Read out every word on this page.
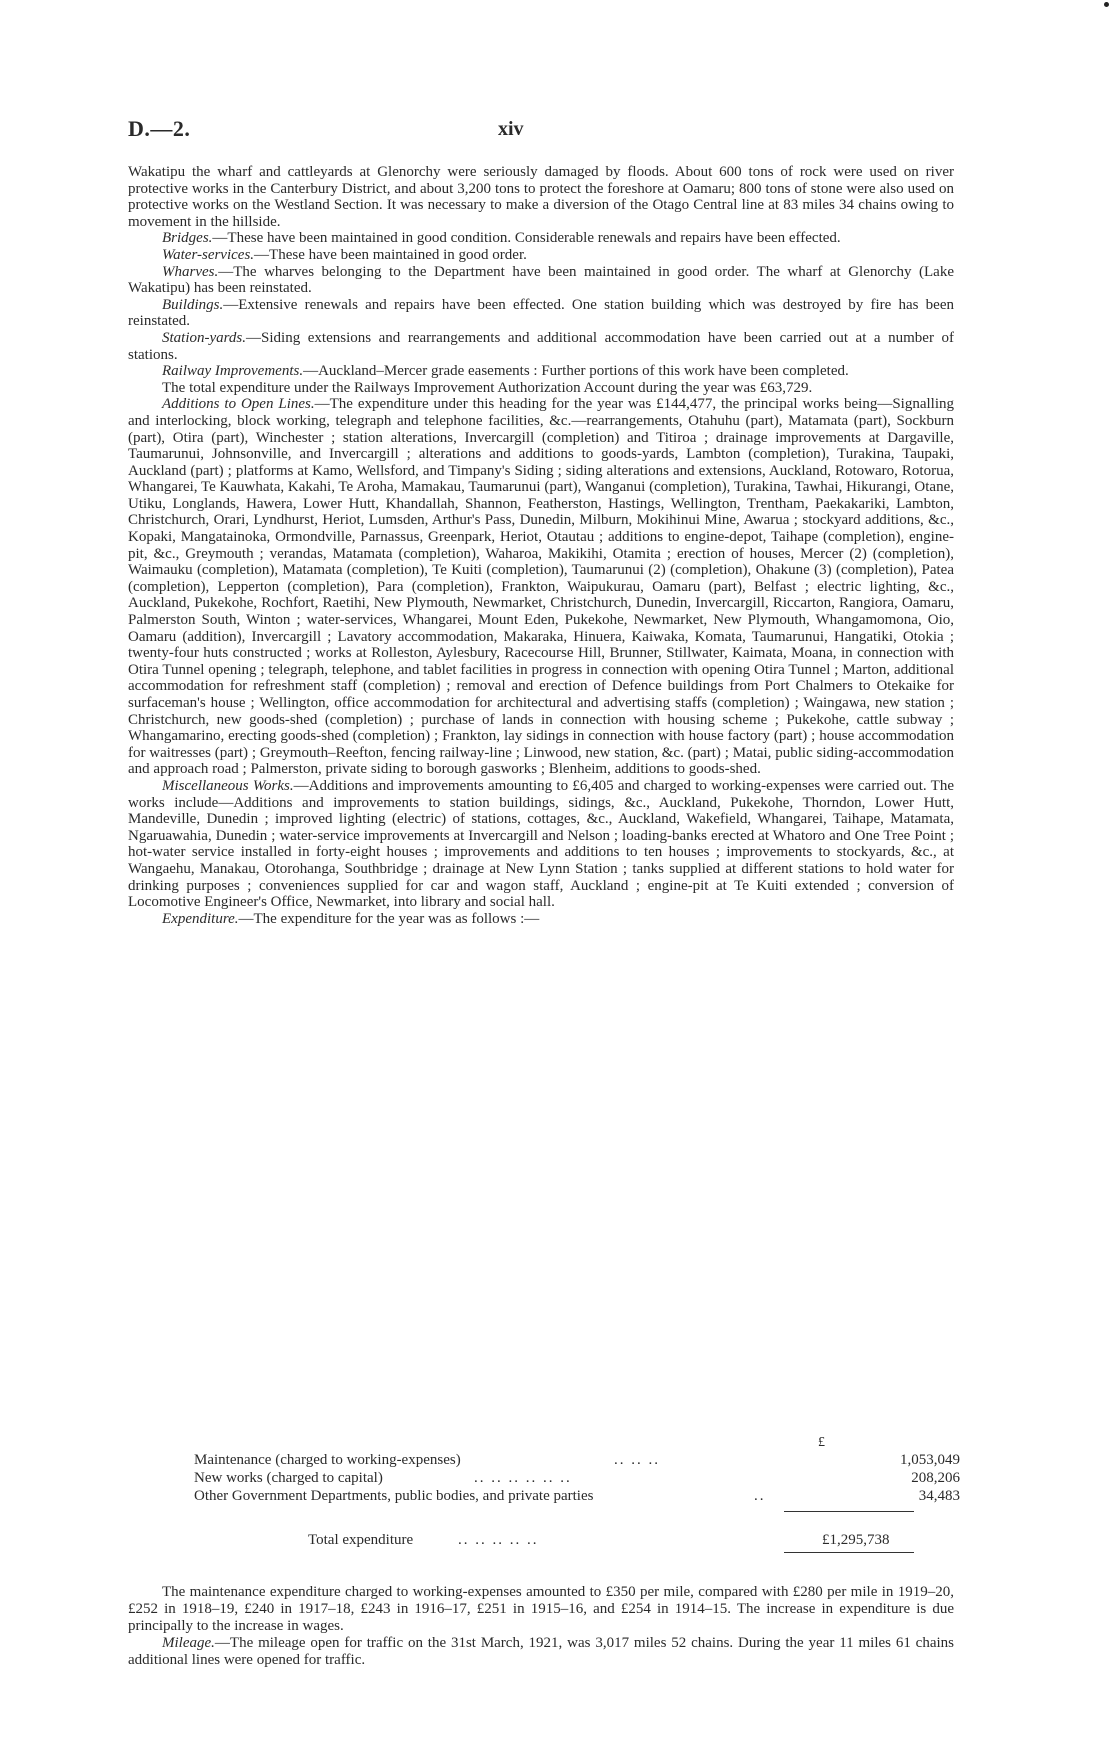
D.—2.	xiv

Wakatipu the wharf and cattleyards at Glenorchy were seriously damaged by floods. About 600 tons of rock were used on river protective works in the Canterbury District, and about 3,200 tons to protect the foreshore at Oamaru; 800 tons of stone were also used on protective works on the Westland Section. It was necessary to make a diversion of the Otago Central line at 83 miles 34 chains owing to movement in the hillside.

Bridges.—These have been maintained in good condition. Considerable renewals and repairs have been effected.

Water-services.—These have been maintained in good order.

Wharves.—The wharves belonging to the Department have been maintained in good order. The wharf at Glenorchy (Lake Wakatipu) has been reinstated.

Buildings.—Extensive renewals and repairs have been effected. One station building which was destroyed by fire has been reinstated.

Station-yards.—Siding extensions and rearrangements and additional accommodation have been carried out at a number of stations.

Railway Improvements.—Auckland–Mercer grade easements : Further portions of this work have been completed.

The total expenditure under the Railways Improvement Authorization Account during the year was £63,729.

Additions to Open Lines.—The expenditure under this heading for the year was £144,477, the principal works being—Signalling and interlocking, block working, telegraph and telephone facilities, &c.—rearrangements, Otahuhu (part), Matamata (part), Sockburn (part), Otira (part), Winchester ; station alterations, Invercargill (completion) and Titiroa ; drainage improvements at Dargaville, Taumarunui, Johnsonville, and Invercargill ; alterations and additions to goods-yards, Lambton (completion), Turakina, Taupaki, Auckland (part) ; platforms at Kamo, Wellsford, and Timpany's Siding ; siding alterations and extensions, Auckland, Rotowaro, Rotorua, Whangarei, Te Kauwhata, Kakahi, Te Aroha, Mamakau, Taumarunui (part), Wanganui (completion), Turakina, Tawhai, Hikurangi, Otane, Utiku, Longlands, Hawera, Lower Hutt, Khandallah, Shannon, Featherston, Hastings, Wellington, Trentham, Paekakariki, Lambton, Christchurch, Orari, Lyndhurst, Heriot, Lumsden, Arthur's Pass, Dunedin, Milburn, Mokihinui Mine, Awarua ; stockyard additions, &c., Kopaki, Mangatainoka, Ormondville, Parnassus, Greenpark, Heriot, Otautau ; additions to engine-depot, Taihape (completion), engine-pit, &c., Greymouth ; verandas, Matamata (completion), Waharoa, Makikihi, Otamita ; erection of houses, Mercer (2) (completion), Waimauku (completion), Matamata (completion), Te Kuiti (completion), Taumarunui (2) (completion), Ohakune (3) (completion), Patea (completion), Lepperton (completion), Para (completion), Frankton, Waipukurau, Oamaru (part), Belfast ; electric lighting, &c., Auckland, Pukekohe, Rochfort, Raetihi, New Plymouth, Newmarket, Christchurch, Dunedin, Invercargill, Riccarton, Rangiora, Oamaru, Palmerston South, Winton ; water-services, Whangarei, Mount Eden, Pukekohe, Newmarket, New Plymouth, Whangamomona, Oio, Oamaru (addition), Invercargill ; Lavatory accommodation, Makaraka, Hinuera, Kaiwaka, Komata, Taumarunui, Hangatiki, Otokia ; twenty-four huts constructed ; works at Rolleston, Aylesbury, Racecourse Hill, Brunner, Stillwater, Kaimata, Moana, in connection with Otira Tunnel opening ; telegraph, telephone, and tablet facilities in progress in connection with opening Otira Tunnel ; Marton, additional accommodation for refreshment staff (completion) ; removal and erection of Defence buildings from Port Chalmers to Otekaike for surfaceman's house ; Wellington, office accommodation for architectural and advertising staffs (completion) ; Waingawa, new station ; Christchurch, new goods-shed (completion) ; purchase of lands in connection with housing scheme ; Pukekohe, cattle subway ; Whangamarino, erecting goods-shed (completion) ; Frankton, lay sidings in connection with house factory (part) ; house accommodation for waitresses (part) ; Greymouth–Reefton, fencing railway-line ; Linwood, new station, &c. (part) ; Matai, public siding-accommodation and approach road ; Palmerston, private siding to borough gasworks ; Blenheim, additions to goods-shed.

Miscellaneous Works.—Additions and improvements amounting to £6,405 and charged to working-expenses were carried out. The works include—Additions and improvements to station buildings, sidings, &c., Auckland, Pukekohe, Thorndon, Lower Hutt, Mandeville, Dunedin ; improved lighting (electric) of stations, cottages, &c., Auckland, Wakefield, Whangarei, Taihape, Matamata, Ngaruawahia, Dunedin ; water-service improvements at Invercargill and Nelson ; loading-banks erected at Whatoro and One Tree Point ; hot-water service installed in forty-eight houses ; improvements and additions to ten houses ; improvements to stockyards, &c., at Wangaehu, Manakau, Otorohanga, Southbridge ; drainage at New Lynn Station ; tanks supplied at different stations to hold water for drinking purposes ; conveniences supplied for car and wagon staff, Auckland ; engine-pit at Te Kuiti extended ; conversion of Locomotive Engineer's Office, Newmarket, into library and social hall.

Expenditure.—The expenditure for the year was as follows :—

£
Maintenance (charged to working-expenses)	.. .. ..	1,053,049
New works (charged to capital)	.. .. .. .. .. ..	208,206
Other Government Departments, public bodies, and private parties	..	34,483
Total expenditure	.. .. .. .. ..	£1,295,738

The maintenance expenditure charged to working-expenses amounted to £350 per mile, compared with £280 per mile in 1919–20, £252 in 1918–19, £240 in 1917–18, £243 in 1916–17, £251 in 1915–16, and £254 in 1914–15. The increase in expenditure is due principally to the increase in wages.

Mileage.—The mileage open for traffic on the 31st March, 1921, was 3,017 miles 52 chains. During the year 11 miles 61 chains additional lines were opened for traffic.
